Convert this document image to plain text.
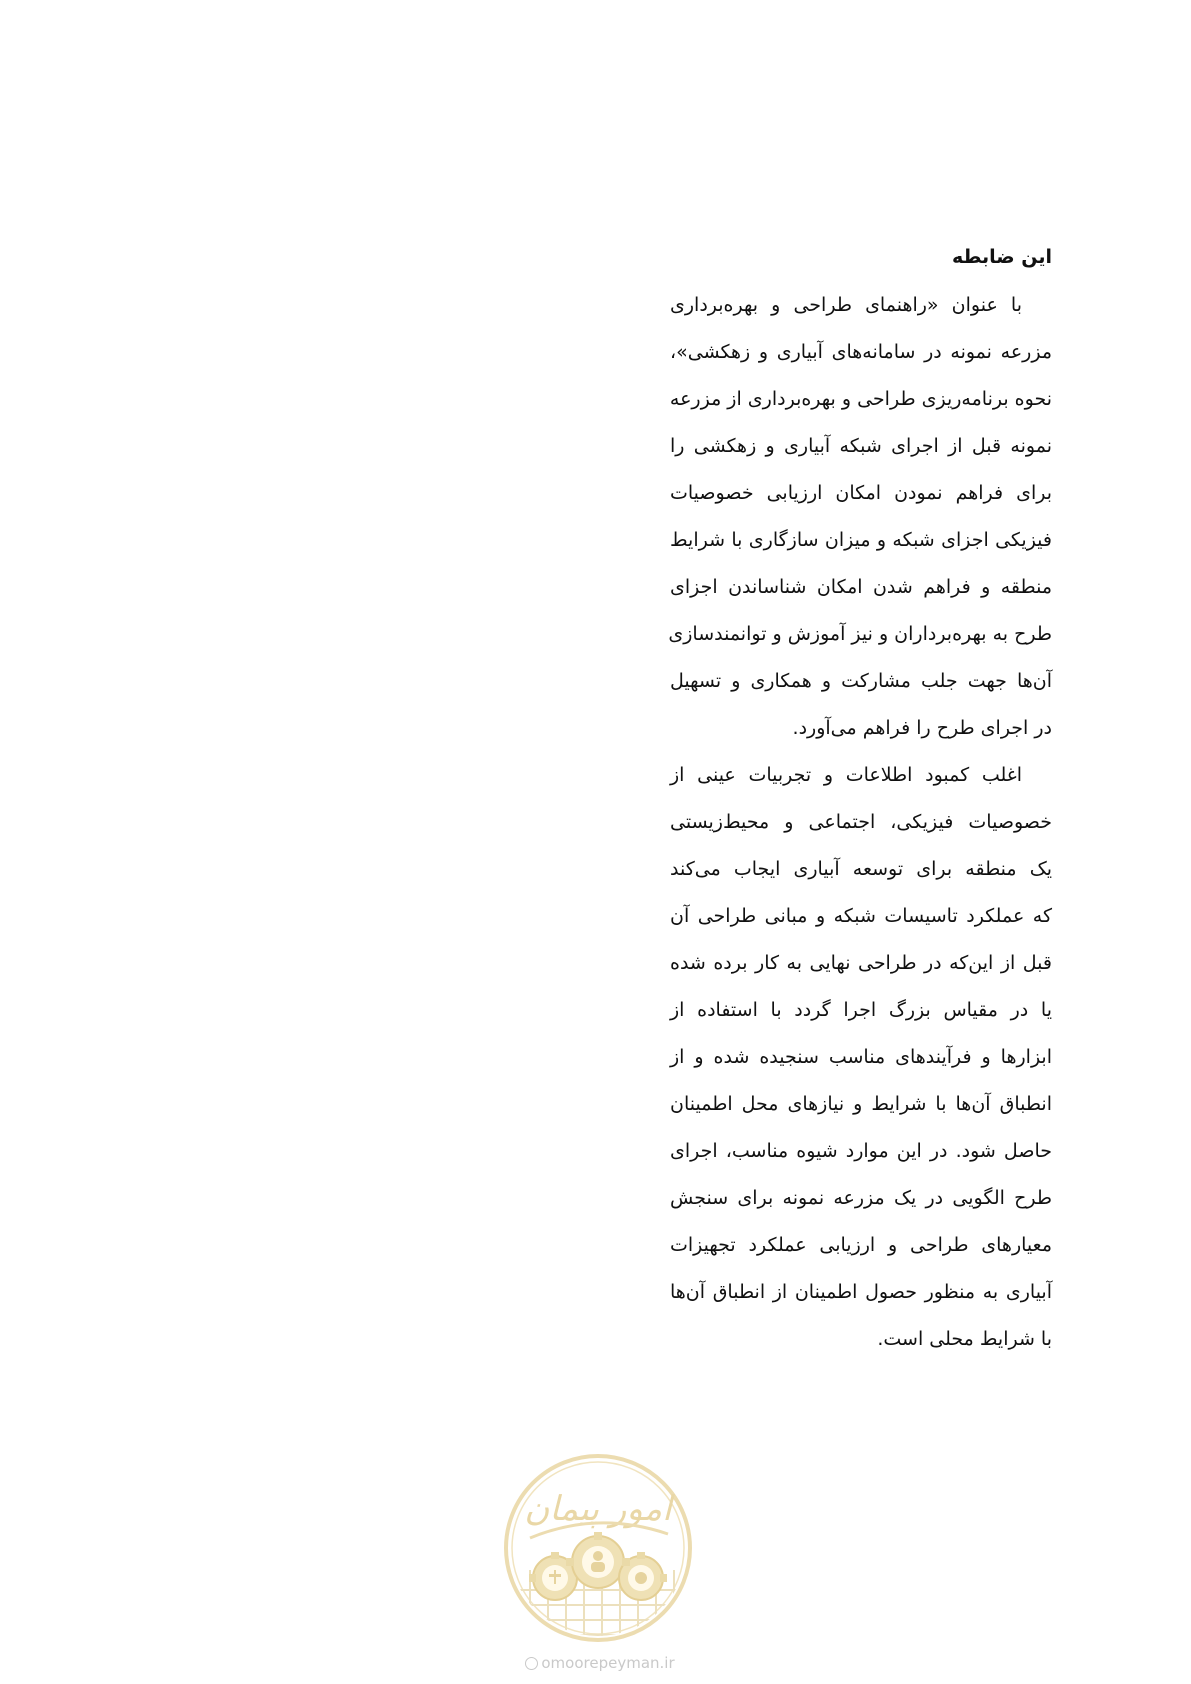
این ضابطه
با عنوان «راهنمای طراحی و بهره‌برداری
مزرعه نمونه در سامانه‌های آبیاری و زهکشی»،
نحوه برنامه‌ریزی طراحی و بهره‌برداری از مزرعه
نمونه قبل از اجرای شبکه آبیاری و زهکشی را
برای فراهم نمودن امکان ارزیابی خصوصیات
فیزیکی اجزای شبکه و میزان سازگاری با شرایط
منطقه و فراهم شدن امکان شناساندن اجزای
طرح به بهره‌برداران و نیز آموزش و توانمندسازی
آن‌ها جهت جلب مشارکت و همکاری و تسهیل
در اجرای طرح را فراهم می‌آورد.
اغلب کمبود اطلاعات و تجربیات عینی از
خصوصیات فیزیکی، اجتماعی و محیط‌زیستی
یک منطقه برای توسعه آبیاری ایجاب می‌کند
که عملکرد تاسیسات شبکه و مبانی طراحی آن
قبل از این‌که در طراحی نهایی به کار برده شده
یا در مقیاس بزرگ اجرا گردد با استفاده از
ابزارها و فرآیندهای مناسب سنجیده شده و از
انطباق آن‌ها با شرایط و نیازهای محل اطمینان
حاصل شود. در این موارد شیوه مناسب، اجرای
طرح الگویی در یک مزرعه نمونه برای سنجش
معیارهای طراحی و ارزیابی عملکرد تجهیزات
آبیاری به منظور حصول اطمینان از انطباق آن‌ها
با شرایط محلی است.
امور پیمان
omoorepeyman.ir
